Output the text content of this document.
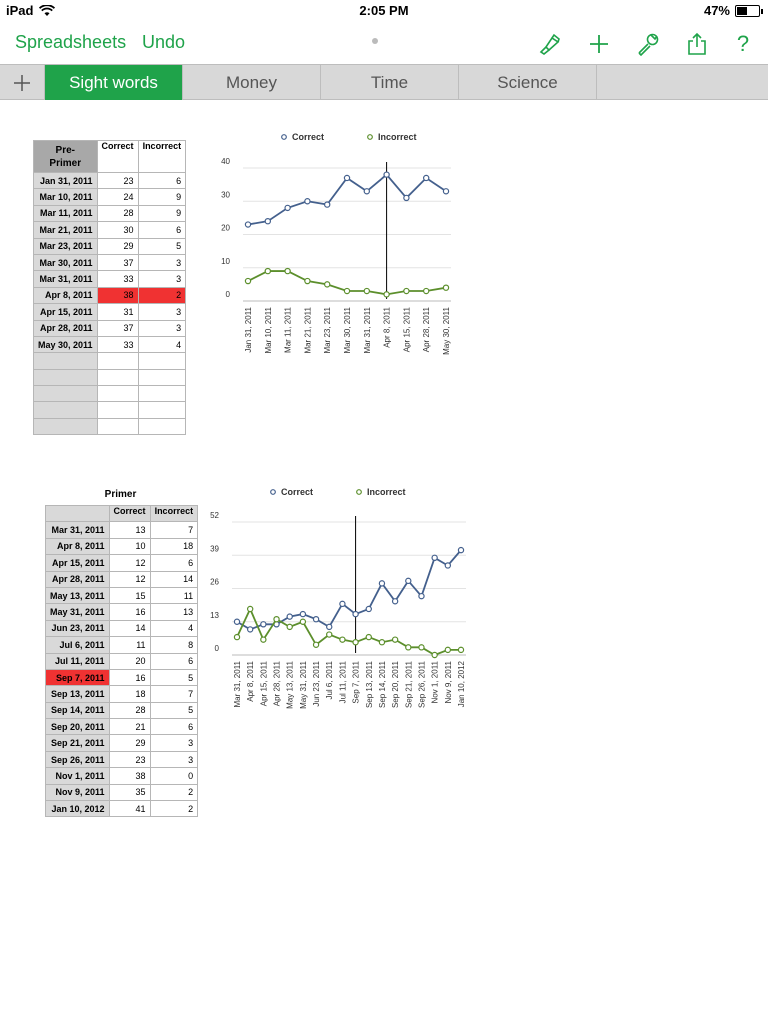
iPad	2:05 PM	47%
Spreadsheets Undo	?
Sight words	Money	Time	Science
Pre-
Primer	Correct	Incorrect
Jan 31, 2011	23	6
Mar 10, 2011	24	9
Mar 11, 2011	28	9
Mar 21, 2011	30	6
Mar 23, 2011	29	5
Mar 30, 2011	37	3
Mar 31, 2011	33	3
Apr 8, 2011	38	2
Apr 15, 2011	31	3
Apr 28, 2011	37	3
May 30, 2011	33	4

Correct	Incorrect
0
10
20
30
40
Jan 31, 2011 Mar 10, 2011 Mar 11, 2011 Mar 21, 2011 Mar 23, 2011 Mar 30, 2011 Mar 31, 2011 Apr 8, 2011 Apr 15, 2011 Apr 28, 2011 May 30, 2011
Primer
	Correct	Incorrect
Mar 31, 2011	13	7
Apr 8, 2011	10	18
Apr 15, 2011	12	6
Apr 28, 2011	12	14
May 13, 2011	15	11
May 31, 2011	16	13
Jun 23, 2011	14	4
Jul 6, 2011	11	8
Jul 11, 2011	20	6
Sep 7, 2011	16	5
Sep 13, 2011	18	7
Sep 14, 2011	28	5
Sep 20, 2011	21	6
Sep 21, 2011	29	3
Sep 26, 2011	23	3
Nov 1, 2011	38	0
Nov 9, 2011	35	2
Jan 10, 2012	41	2
Correct	Incorrect
0
13
26
39
52
Mar 31, 2011 Apr 8, 2011 Apr 15, 2011 Apr 28, 2011 May 13, 2011 May 31, 2011 Jun 23, 2011 Jul 6, 2011 Jul 11, 2011 Sep 7, 2011 Sep 13, 2011 Sep 14, 2011 Sep 20, 2011 Sep 21, 2011 Sep 26, 2011 Nov 1, 2011 Nov 9, 2011 Jan 10, 2012
